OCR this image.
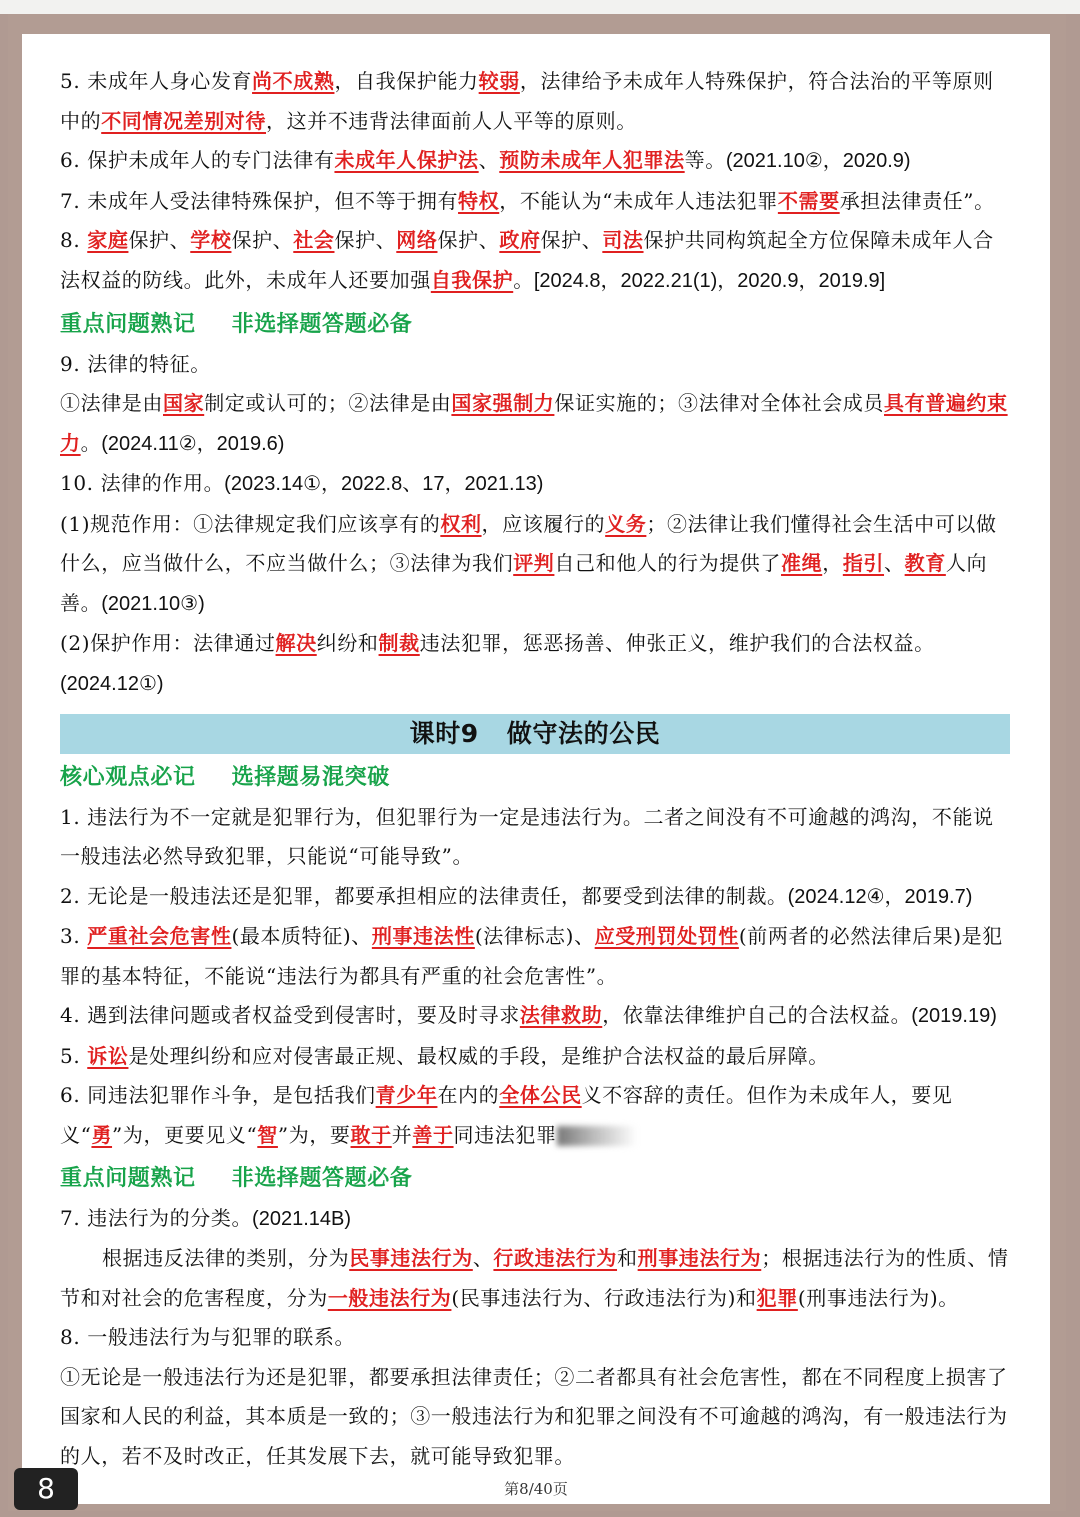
5. 未成年人身心发育尚不成熟，自我保护能力较弱，法律给予未成年人特殊保护，符合法治的平等原则中的不同情况差别对待，这并不违背法律面前人人平等的原则。

6. 保护未成年人的专门法律有未成年人保护法、预防未成年人犯罪法等。(2021.10②，2020.9)

7. 未成年人受法律特殊保护，但不等于拥有特权，不能认为“未成年人违法犯罪不需要承担法律责任”。

8. 家庭保护、学校保护、社会保护、网络保护、政府保护、司法保护共同构筑起全方位保障未成年人合法权益的防线。此外，未成年人还要加强自我保护。[2024.8，2022.21(1)，2020.9，2019.9]

重点问题熟记 非选择题答题必备

9. 法律的特征。

①法律是由国家制定或认可的；②法律是由国家强制力保证实施的；③法律对全体社会成员具有普遍约束力。(2024.11②，2019.6)

10. 法律的作用。(2023.14①，2022.8、17，2021.13)

(1)规范作用：①法律规定我们应该享有的权利，应该履行的义务；②法律让我们懂得社会生活中可以做什么，应当做什么，不应当做什么；③法律为我们评判自己和他人的行为提供了准绳，指引、教育人向善。(2021.10③)

(2)保护作用：法律通过解决纠纷和制裁违法犯罪，惩恶扬善、伸张正义，维护我们的合法权益。(2024.12①)

课时9 做守法的公民

核心观点必记 选择题易混突破

1. 违法行为不一定就是犯罪行为，但犯罪行为一定是违法行为。二者之间没有不可逾越的鸿沟，不能说一般违法必然导致犯罪，只能说“可能导致”。

2. 无论是一般违法还是犯罪，都要承担相应的法律责任，都要受到法律的制裁。(2024.12④，2019.7)

3. 严重社会危害性(最本质特征)、刑事违法性(法律标志)、应受刑罚处罚性(前两者的必然法律后果)是犯罪的基本特征，不能说“违法行为都具有严重的社会危害性”。

4. 遇到法律问题或者权益受到侵害时，要及时寻求法律救助，依靠法律维护自己的合法权益。(2019.19)

5. 诉讼是处理纠纷和应对侵害最正规、最权威的手段，是维护合法权益的最后屏障。

6. 同违法犯罪作斗争，是包括我们青少年在内的全体公民义不容辞的责任。但作为未成年人，要见义“勇”为，更要见义“智”为，要敢于并善于同违法犯罪

重点问题熟记 非选择题答题必备

7. 违法行为的分类。(2021.14B)

根据违反法律的类别，分为民事违法行为、行政违法行为和刑事违法行为；根据违法行为的性质、情节和对社会的危害程度，分为一般违法行为(民事违法行为、行政违法行为)和犯罪(刑事违法行为)。

8. 一般违法行为与犯罪的联系。

①无论是一般违法行为还是犯罪，都要承担法律责任；②二者都具有社会危害性，都在不同程度上损害了国家和人民的利益，其本质是一致的；③一般违法行为和犯罪之间没有不可逾越的鸿沟，有一般违法行为的人，若不及时改正，任其发展下去，就可能导致犯罪。

第8/40页
8
